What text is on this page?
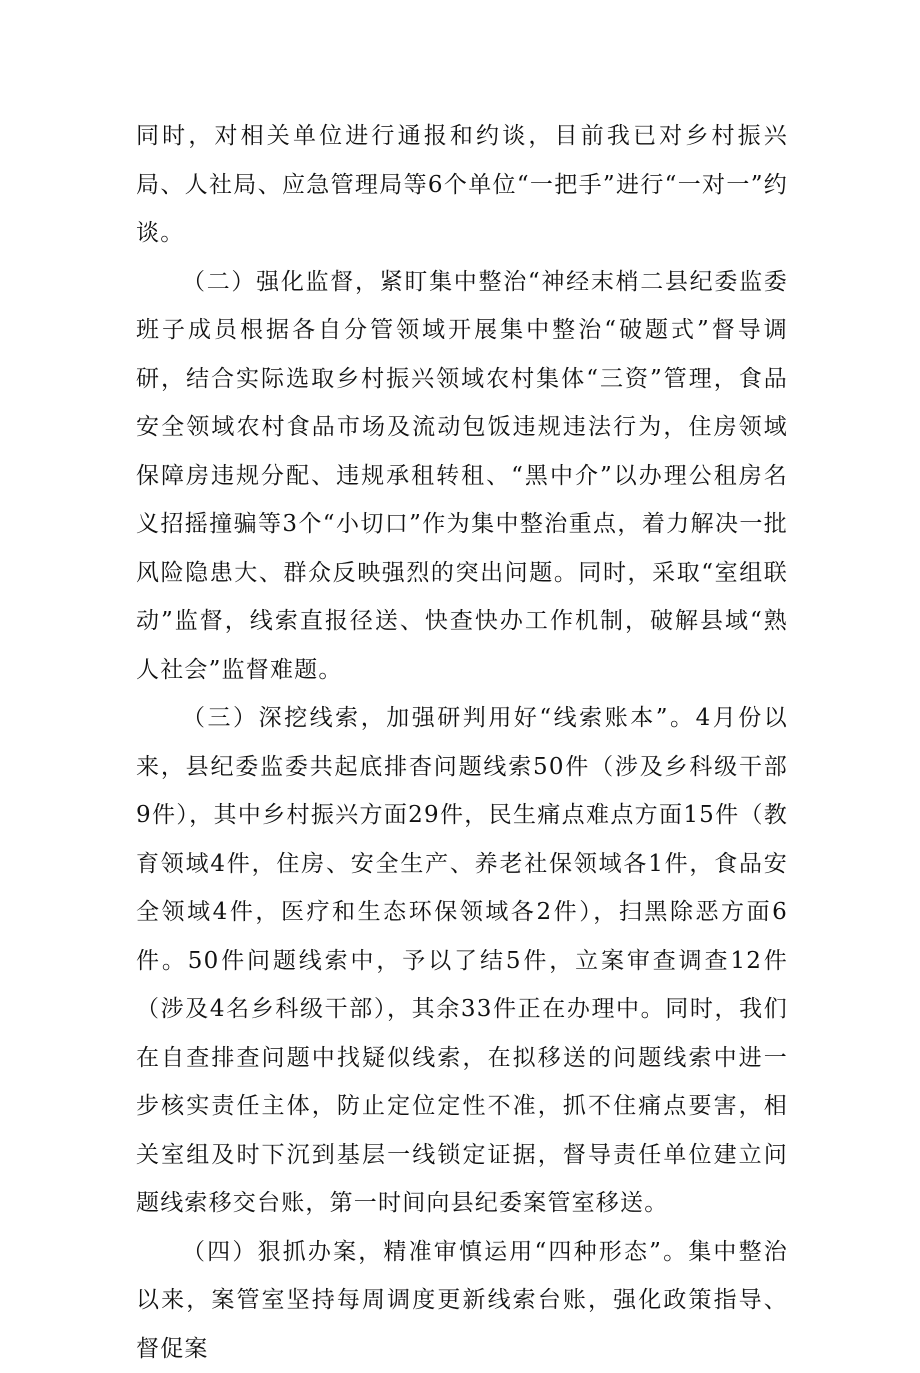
同时，对相关单位进行通报和约谈，目前我已对乡村振兴局、人社局、应急管理局等6个单位“一把手”进行“一对一”约谈。

（二）强化监督，紧盯集中整治“神经末梢二县纪委监委班子成员根据各自分管领域开展集中整治“破题式”督导调研，结合实际选取乡村振兴领域农村集体“三资”管理，食品安全领域农村食品市场及流动包饭违规违法行为，住房领域保障房违规分配、违规承租转租、“黑中介”以办理公租房名义招摇撞骗等3个“小切口”作为集中整治重点，着力解决一批风险隐患大、群众反映强烈的突出问题。同时，采取“室组联动”监督，线索直报径送、快查快办工作机制，破解县域“熟人社会”监督难题。

（三）深挖线索，加强研判用好“线索账本”。4月份以来，县纪委监委共起底排杳问题线索50件（涉及乡科级干部9件），其中乡村振兴方面29件，民生痛点难点方面15件（教育领域4件，住房、安全生产、养老社保领域各1件，食品安全领域4件，医疗和生态环保领域各2件），扫黑除恶方面6件。50件问题线索中，予以了结5件，立案审查调查12件（涉及4名乡科级干部），其余33件正在办理中。同时，我们在自查排查问题中找疑似线索，在拟移送的问题线索中进一步核实责任主体，防止定位定性不准，抓不住痛点要害，相关室组及时下沉到基层一线锁定证据，督导责任单位建立问题线索移交台账，第一时间向县纪委案管室移送。

（四）狠抓办案，精准审慎运用“四种形态”。集中整治以来，案管室坚持每周调度更新线索台账，强化政策指导、督促案
